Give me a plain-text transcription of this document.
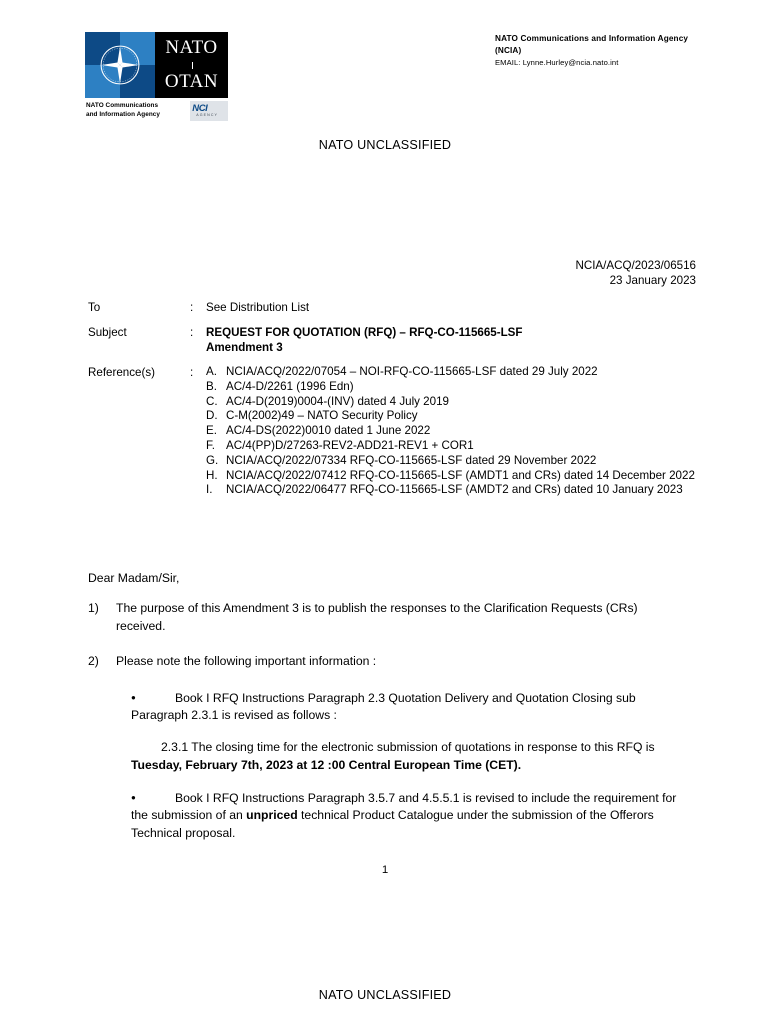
NATO
OTAN
NATO Communications
and Information Agency
NCI
AGENCY
NATO Communications and Information Agency (NCIA)
EMAIL: Lynne.Hurley@ncia.nato.int
NATO UNCLASSIFIED
NATO UNCLASSIFIED
NCIA/ACQ/2023/06516
23 January 2023
To	:	See Distribution List
Subject	:	REQUEST FOR QUOTATION (RFQ) – RFQ-CO-115665-LSF
Amendment 3
Reference(s)	:	A. NCIA/ACQ/2022/07054 – NOI-RFQ-CO-115665-LSF dated 29 July 2022
B. AC/4-D/2261 (1996 Edn)
C. AC/4-D(2019)0004-(INV) dated 4 July 2019
D. C-M(2002)49 – NATO Security Policy
E. AC/4-DS(2022)0010 dated 1 June 2022
F. AC/4(PP)D/27263-REV2-ADD21-REV1 + COR1
G. NCIA/ACQ/2022/07334 RFQ-CO-115665-LSF dated 29 November 2022
H. NCIA/ACQ/2022/07412 RFQ-CO-115665-LSF (AMDT1 and CRs) dated 14 December 2022
I.	NCIA/ACQ/2022/06477 RFQ-CO-115665-LSF (AMDT2 and CRs) dated 10 January 2023
Dear Madam/Sir,
1)	The purpose of this Amendment 3 is to publish the responses to the Clarification Requests (CRs) received.
2)	Please note the following important information :
●Book I RFQ Instructions Paragraph 2.3 Quotation Delivery and Quotation Closing sub Paragraph 2.3.1 is revised as follows :
2.3.1 The closing time for the electronic submission of quotations in response to this RFQ is Tuesday, February 7th, 2023 at 12 :00 Central European Time (CET).
●Book I RFQ Instructions Paragraph 3.5.7 and 4.5.5.1 is revised to include the requirement for the submission of an unpriced technical Product Catalogue under the submission of the Offerors Technical proposal.
1
